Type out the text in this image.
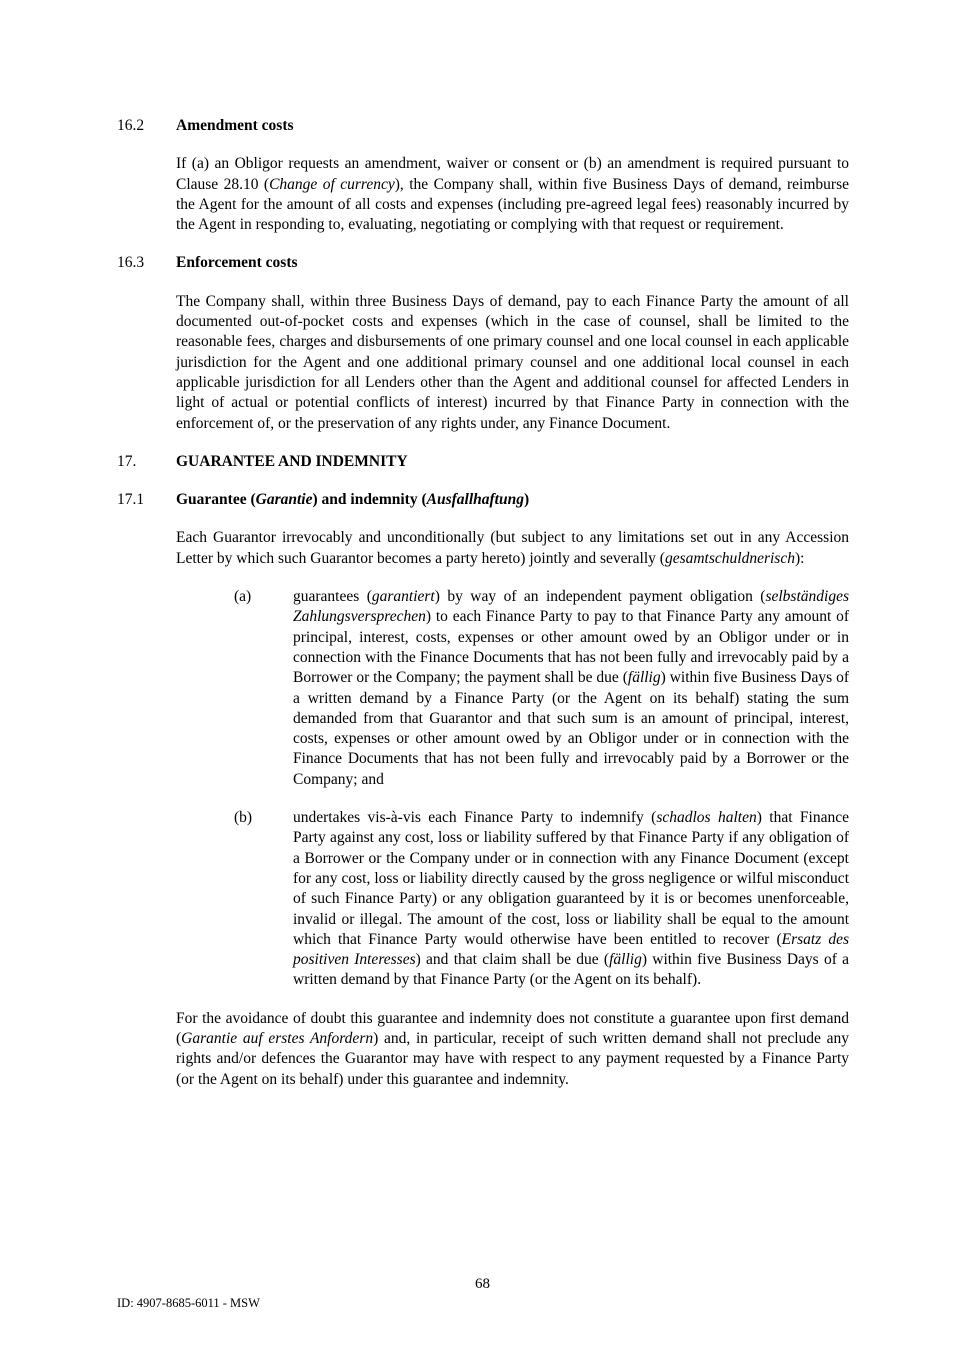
16.2	Amendment costs
If (a) an Obligor requests an amendment, waiver or consent or (b) an amendment is required pursuant to Clause 28.10 (Change of currency), the Company shall, within five Business Days of demand, reimburse the Agent for the amount of all costs and expenses (including pre-agreed legal fees) reasonably incurred by the Agent in responding to, evaluating, negotiating or complying with that request or requirement.
16.3	Enforcement costs
The Company shall, within three Business Days of demand, pay to each Finance Party the amount of all documented out-of-pocket costs and expenses (which in the case of counsel, shall be limited to the reasonable fees, charges and disbursements of one primary counsel and one local counsel in each applicable jurisdiction for the Agent and one additional primary counsel and one additional local counsel in each applicable jurisdiction for all Lenders other than the Agent and additional counsel for affected Lenders in light of actual or potential conflicts of interest) incurred by that Finance Party in connection with the enforcement of, or the preservation of any rights under, any Finance Document.
17.	GUARANTEE AND INDEMNITY
17.1	Guarantee (Garantie) and indemnity (Ausfallhaftung)
Each Guarantor irrevocably and unconditionally (but subject to any limitations set out in any Accession Letter by which such Guarantor becomes a party hereto) jointly and severally (gesamtschuldnerisch):
(a)	guarantees (garantiert) by way of an independent payment obligation (selbständiges Zahlungsversprechen) to each Finance Party to pay to that Finance Party any amount of principal, interest, costs, expenses or other amount owed by an Obligor under or in connection with the Finance Documents that has not been fully and irrevocably paid by a Borrower or the Company; the payment shall be due (fällig) within five Business Days of a written demand by a Finance Party (or the Agent on its behalf) stating the sum demanded from that Guarantor and that such sum is an amount of principal, interest, costs, expenses or other amount owed by an Obligor under or in connection with the Finance Documents that has not been fully and irrevocably paid by a Borrower or the Company; and
(b)	undertakes vis-à-vis each Finance Party to indemnify (schadlos halten) that Finance Party against any cost, loss or liability suffered by that Finance Party if any obligation of a Borrower or the Company under or in connection with any Finance Document (except for any cost, loss or liability directly caused by the gross negligence or wilful misconduct of such Finance Party) or any obligation guaranteed by it is or becomes unenforceable, invalid or illegal. The amount of the cost, loss or liability shall be equal to the amount which that Finance Party would otherwise have been entitled to recover (Ersatz des positiven Interesses) and that claim shall be due (fällig) within five Business Days of a written demand by that Finance Party (or the Agent on its behalf).
For the avoidance of doubt this guarantee and indemnity does not constitute a guarantee upon first demand (Garantie auf erstes Anfordern) and, in particular, receipt of such written demand shall not preclude any rights and/or defences the Guarantor may have with respect to any payment requested by a Finance Party (or the Agent on its behalf) under this guarantee and indemnity.
68
ID: 4907-8685-6011 - MSW
